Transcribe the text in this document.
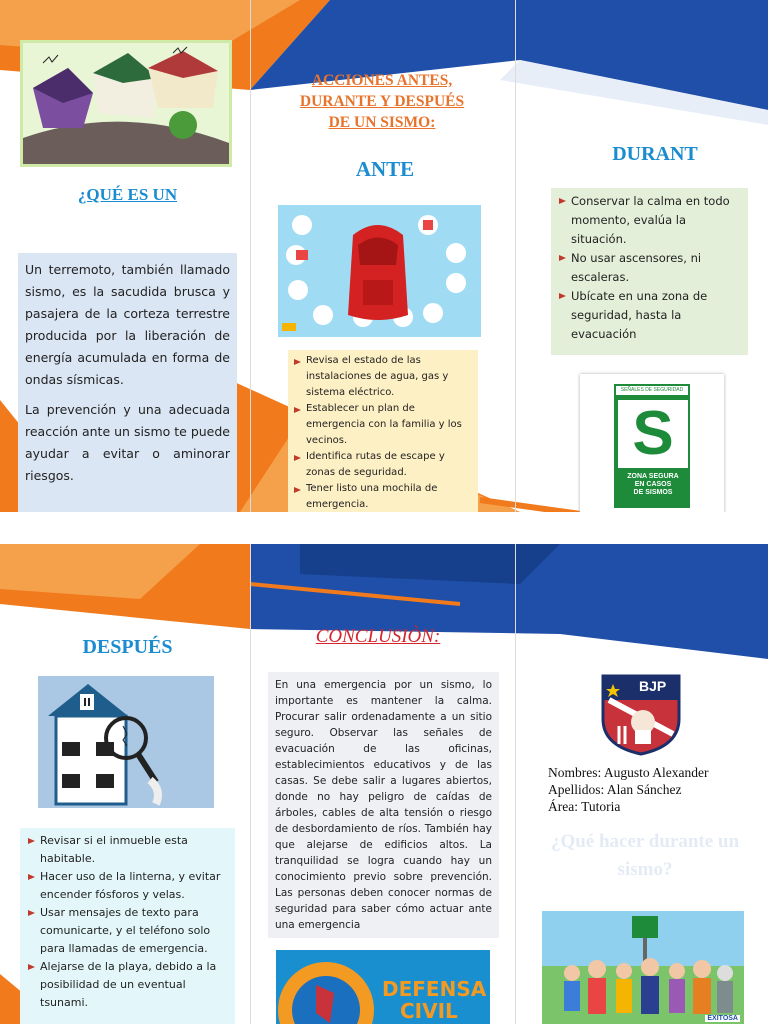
¿QUÉ ES UN

Un terremoto, también llamado sismo, es la sacudida brusca y pasajera de la corteza terrestre producida por la liberación de energía acumulada en forma de ondas sísmicas.

La prevención y una adecuada reacción ante un sismo te puede ayudar a evitar o aminorar riesgos.

ACCIONES ANTES,
DURANTE Y DESPUÉS
DE UN SISMO:
ANTE
Revisa el estado de las instalaciones de agua, gas y sistema eléctrico.
Establecer un plan de emergencia con la familia y los vecinos.
Identifica rutas de escape y zonas de seguridad.
Tener listo una mochila de emergencia.
DURANT
Conservar la calma en todo momento, evalúa la situación.
No usar ascensores, ni escaleras.
Ubícate en una zona de seguridad, hasta la evacuación
SEÑALES DE SEGURIDAD
S
ZONA SEGURA
EN CASOS
DE SISMOS
DESPUÉS
Revisar si el inmueble esta habitable.
Hacer uso de la linterna, y evitar encender fósforos y velas.
Usar mensajes de texto para comunicarte, y el teléfono solo para llamadas de emergencia.
Alejarse de la playa, debido a la posibilidad de un eventual tsunami.
CONCLUSIÒN:

En una emergencia por un sismo, lo importante es mantener la calma. Procurar salir ordenadamente a un sitio seguro. Observar las señales de evacuación de las oficinas, establecimientos educativos y de las casas. Se debe salir a lugares abiertos, donde no hay peligro de caídas de árboles, cables de alta tensión o riesgo de desbordamiento de ríos. También hay que alejarse de edificios altos. La tranquilidad se logra cuando hay un conocimiento previo sobre prevención. Las personas deben conocer normas de seguridad para saber cómo actuar ante una emergencia

DEFENSA
CIVIL
BJP
Nombres: Augusto Alexander
Apellidos: Alan Sánchez
Área: Tutoria
¿Qué hacer durante un sismo?
EXITOSA
